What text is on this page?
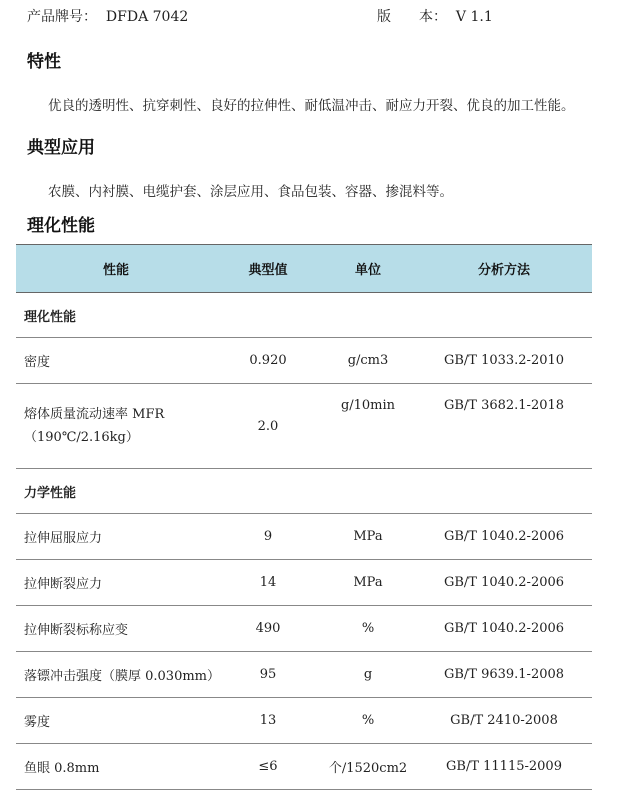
产品牌号： DFDA 7042	版　　本： V 1.1
特性
优良的透明性、抗穿刺性、良好的拉伸性、耐低温冲击、耐应力开裂、优良的加工性能。
典型应用
农膜、内衬膜、电缆护套、涂层应用、食品包装、容器、掺混料等。
理化性能
性能	典型值	单位	分析方法
理化性能			
密度	0.920	g/cm3	GB/T 1033.2-2010

熔体质量流动速率 MFR
（190℃/2.16kg）	2.0	g/10min	GB/T 3682.1-2018
力学性能			
拉伸屈服应力	9	MPa	GB/T 1040.2-2006
拉伸断裂应力	14	MPa	GB/T 1040.2-2006
拉伸断裂标称应变	490	%	GB/T 1040.2-2006
落镖冲击强度（膜厚 0.030mm）	95	g	GB/T 9639.1-2008
雾度	13	%	GB/T 2410-2008
鱼眼 0.8mm	≤6	个/1520cm2	GB/T 11115-2009
